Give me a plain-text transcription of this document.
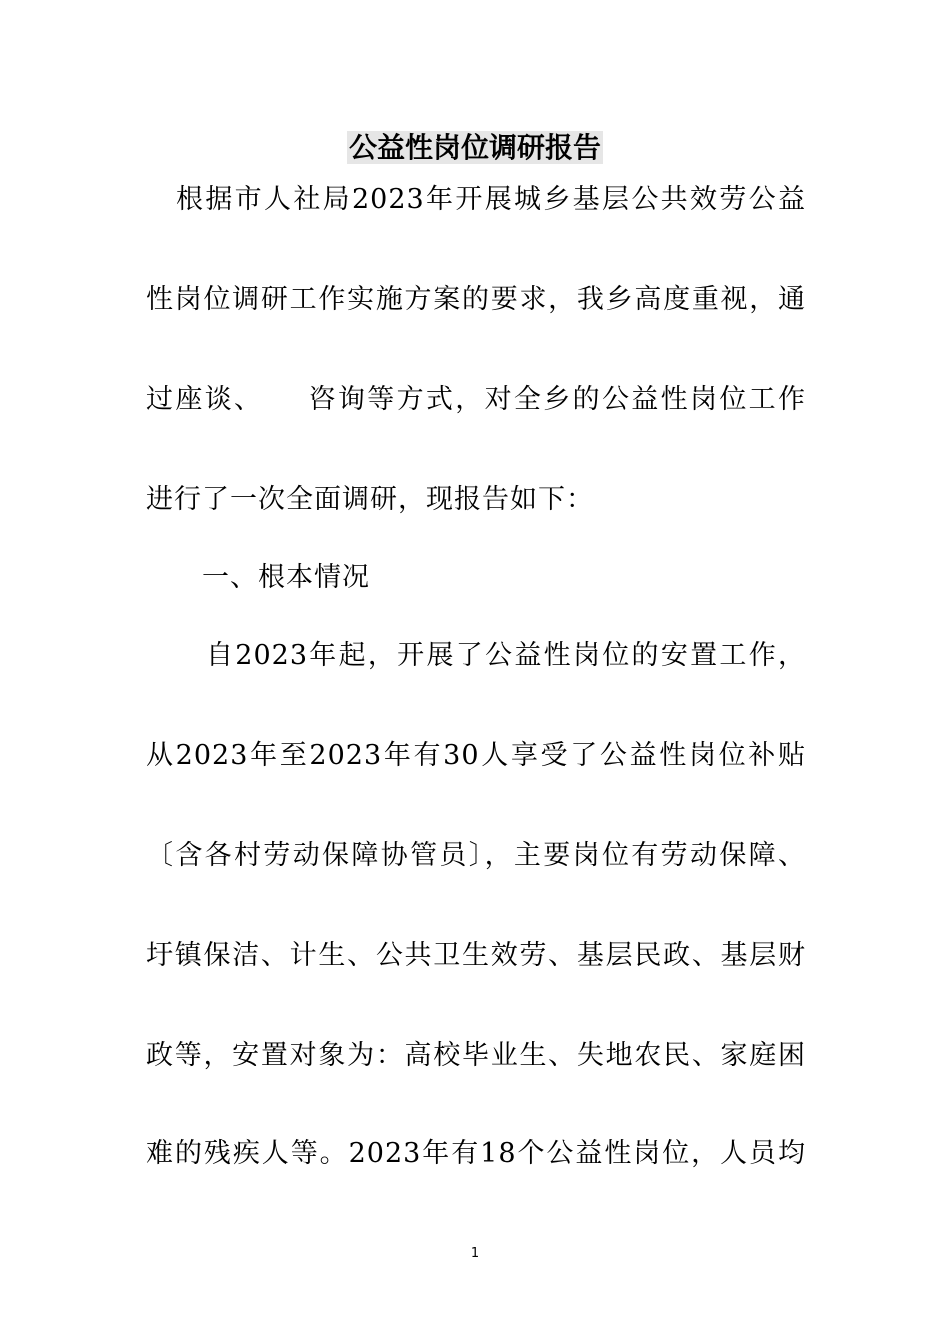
公益性岗位调研报告
根据市人社局2023年开展城乡基层公共效劳公益
性岗位调研工作实施方案的要求，我乡高度重视，通
过座谈、　　咨询等方式，对全乡的公益性岗位工作
进行了一次全面调研，现报告如下：
一、根本情况
自2023年起，开展了公益性岗位的安置工作，
从2023年至2023年有30人享受了公益性岗位补贴
〔含各村劳动保障协管员〕，主要岗位有劳动保障、
圩镇保洁、计生、公共卫生效劳、基层民政、基层财
政等，安置对象为：高校毕业生、失地农民、家庭困
难的残疾人等。2023年有18个公益性岗位，人员均
1
